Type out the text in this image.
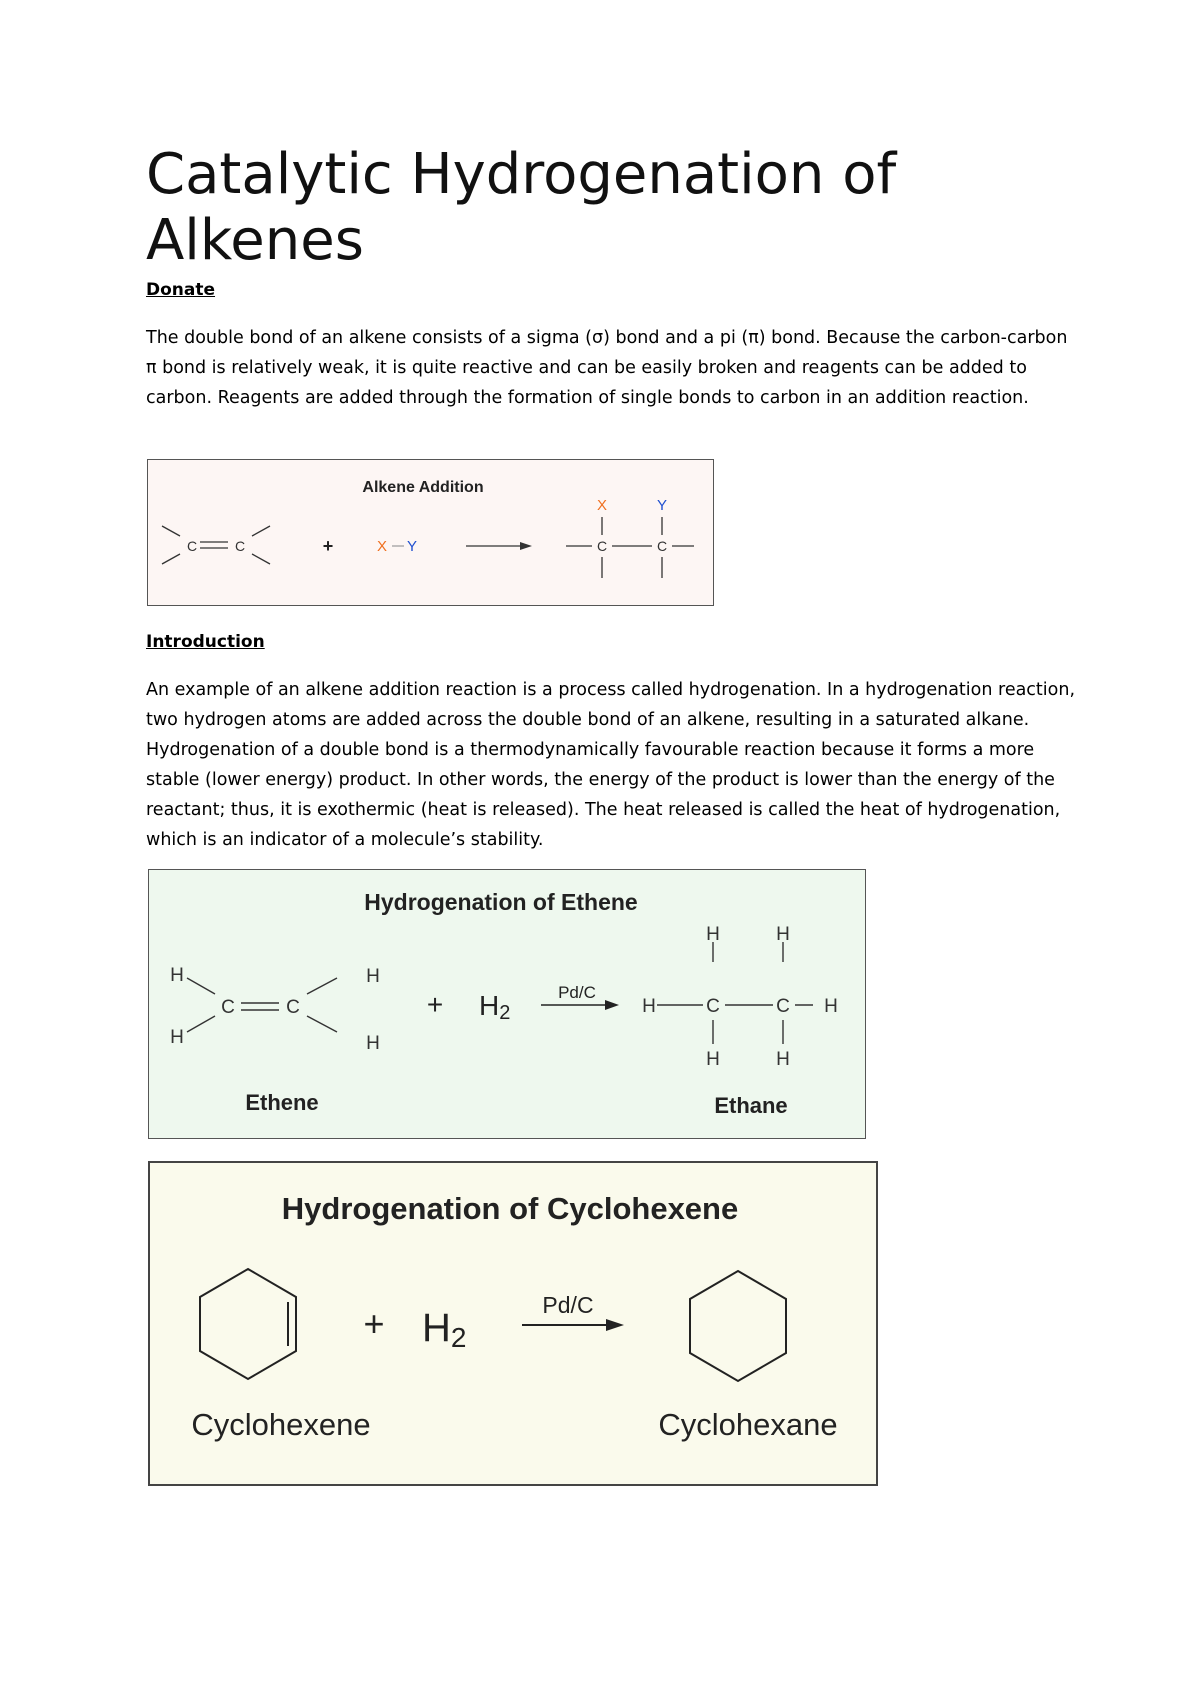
Catalytic Hydrogenation of Alkenes
Donate

The double bond of an alkene consists of a sigma (σ) bond and a pi (π) bond. Because the carbon-carbon π bond is relatively weak, it is quite reactive and can be easily broken and reagents can be added to carbon. Reagents are added through the formation of single bonds to carbon in an addition reaction.

Alkene Addition
C	C	+	X Y
X	Y
C	C
Introduction

An example of an alkene addition reaction is a process called hydrogenation. In a hydrogenation reaction, two hydrogen atoms are added across the double bond of an alkene, resulting in a saturated alkane. Hydrogenation of a double bond is a thermodynamically favourable reaction because it forms a more stable (lower energy) product. In other words, the energy of the product is lower than the energy of the reactant; thus, it is exothermic (heat is released). The heat released is called the heat of hydrogenation, which is an indicator of a molecule’s stability.

Hydrogenation of Ethene
H
H
C	C
H
H
+ H2
Pd/C
H	H
H	C	C H
H	H
Ethene	Ethane
Hydrogenation of Cyclohexene
+ H2
Pd/C
Cyclohexene	Cyclohexane
